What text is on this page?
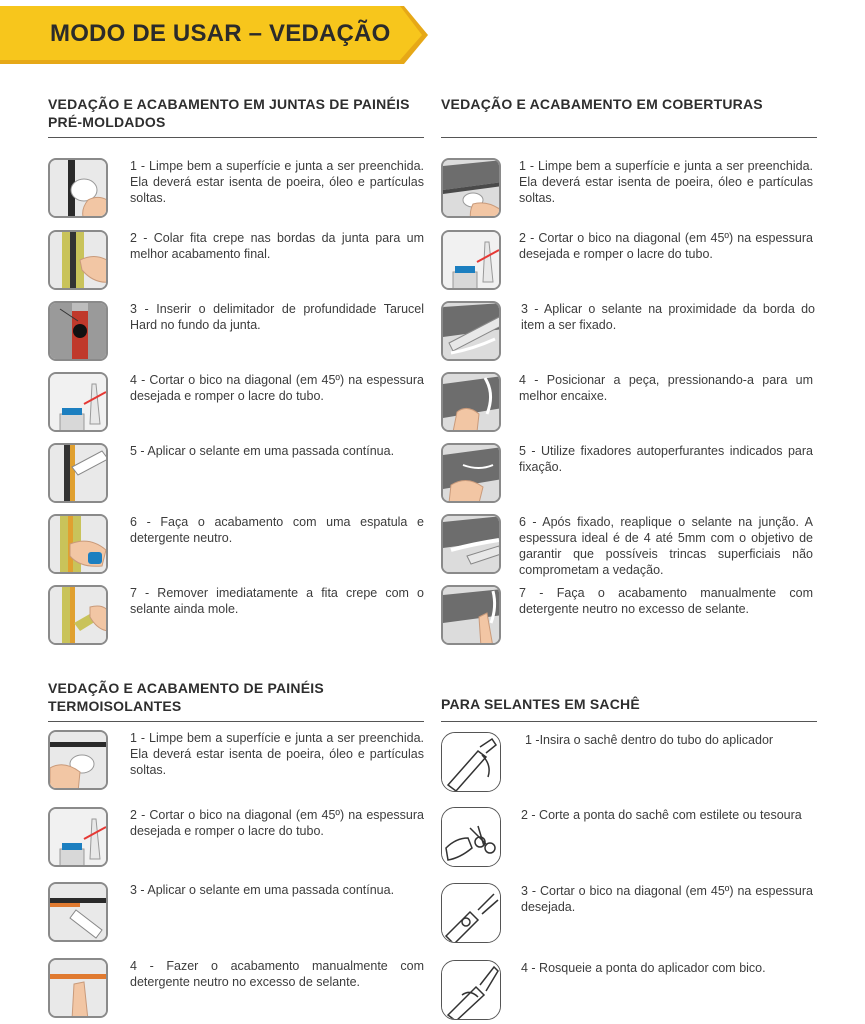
MODO DE USAR – VEDAÇÃO
VEDAÇÃO E ACABAMENTO EM JUNTAS DE PAINÉIS PRÉ-MOLDADOS
1 - Limpe bem a superfície e junta a ser preenchida. Ela deverá estar isenta de poeira, óleo e partículas soltas.
2 - Colar fita crepe nas bordas da junta para um melhor acabamento final.
3 - Inserir o delimitador de profundidade Tarucel Hard no fundo da junta.
4 - Cortar o bico na diagonal (em 45º) na espessura desejada e romper o lacre do tubo.
5 - Aplicar o selante em uma passada contínua.
6 - Faça o acabamento com uma espatula e detergente neutro.
7 - Remover imediatamente a fita crepe com o selante ainda mole.
VEDAÇÃO E ACABAMENTO EM COBERTURAS
1 - Limpe bem a superfície e junta a ser preenchida. Ela deverá estar isenta de poeira, óleo e partículas soltas.
2 - Cortar o bico na diagonal (em 45º) na espessura desejada e romper o lacre do tubo.
3 - Aplicar o selante na proximidade da borda do item a ser fixado.
4 - Posicionar a peça, pressionando-a para um melhor encaixe.
5 - Utilize fixadores autoperfurantes indicados para fixação.
6 - Após fixado, reaplique o selante na junção. A espessura ideal é de 4 até 5mm com o objetivo de garantir que possíveis trincas superficiais não comprometam a vedação.
7 - Faça o acabamento manualmente com detergente neutro no excesso de selante.
VEDAÇÃO E ACABAMENTO DE PAINÉIS TERMOISOLANTES
1 - Limpe bem a superfície e junta a ser preenchida. Ela deverá estar isenta de poeira, óleo e partículas soltas.
2 - Cortar o bico na diagonal (em 45º) na espessura desejada e romper o lacre do tubo.
3 - Aplicar o selante em uma passada contínua.
4 - Fazer o acabamento manualmente com detergente neutro no excesso de selante.
PARA SELANTES EM SACHÊ
1 -Insira o sachê dentro do tubo do aplicador
2 - Corte a ponta do sachê com estilete ou tesoura
3 - Cortar o bico na diagonal (em 45º) na espessura desejada.
4 - Rosqueie a ponta do aplicador com bico.
